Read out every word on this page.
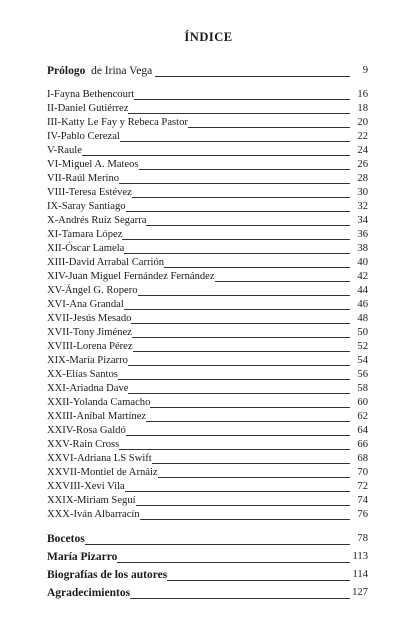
ÍNDICE
Prólogo de Irina Vega	9
I-Fayna Bethencourt	16
II-Daniel Gutiérrez	18
III-Katty Le Fay y Rebeca Pastor	20
IV-Pablo Cerezal	22
V-Raule	24
VI-Miguel A. Mateos	26
VII-Raúl Merino	28
VIII-Teresa Estévez	30
IX-Saray Santiago	32
X-Andrés Ruíz Segarra	34
XI-Tamara López	36
XII-Óscar Lamela	38
XIII-David Arrabal Carrión	40
XIV-Juan Miguel Fernández Fernández	42
XV-Ángel G. Ropero	44
XVI-Ana Grandal	46
XVII-Jesús Mesado	48
XVII-Tony Jiménez	50
XVIII-Lorena Pérez	52
XIX-María Pizarro	54
XX-Elías Santos	56
XXI-Ariadna Dave	58
XXII-Yolanda Camacho	60
XXIII-Aníbal Martínez	62
XXIV-Rosa Galdó	64
XXV-Rain Cross	66
XXVI-Adriana LS Swift	68
XXVII-Montiel de Arnáiz	70
XXVIII-Xevi Vila	72
XXIX-Miriam Seguí	74
XXX-Iván Albarracín	76
Bocetos	78
María Pizarro	113
Biografías de los autores	114
Agradecimientos	127
